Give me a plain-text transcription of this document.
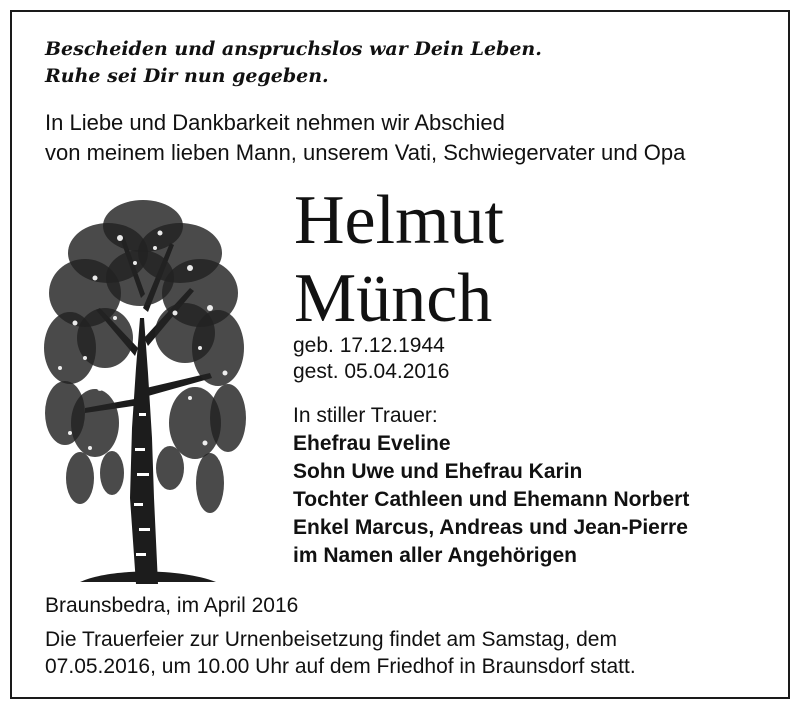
Bescheiden und anspruchslos war Dein Leben.
Ruhe sei Dir nun gegeben.
In Liebe und Dankbarkeit nehmen wir Abschied
von meinem lieben Mann, unserem Vati, Schwiegervater und Opa
Helmut
Münch
geb. 17.12.1944
gest. 05.04.2016
In stiller Trauer:
Ehefrau Eveline
Sohn Uwe und Ehefrau Karin
Tochter Cathleen und Ehemann Norbert
Enkel Marcus, Andreas und Jean-Pierre
im Namen aller Angehörigen
Braunsbedra, im April 2016
Die Trauerfeier zur Urnenbeisetzung findet am Samstag, dem
07.05.2016, um 10.00 Uhr auf dem Friedhof in Braunsdorf statt.
